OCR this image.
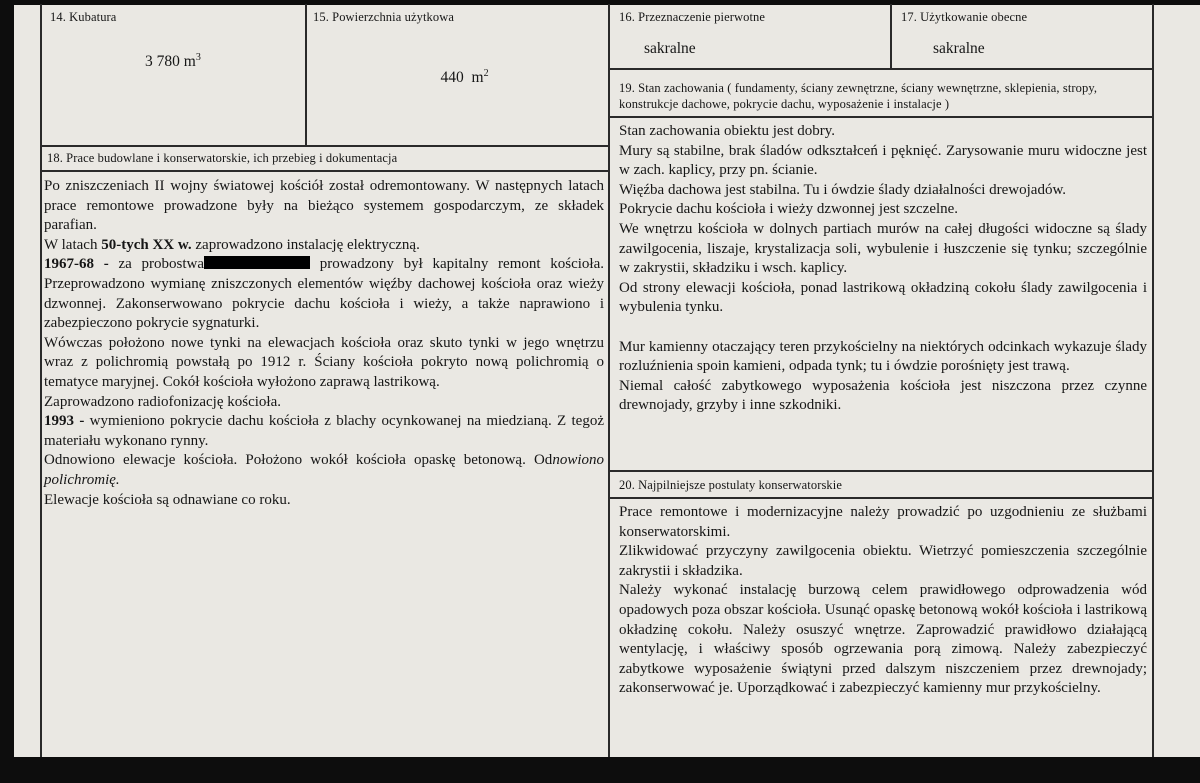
14. Kubatura
3 780 $m^3$
15. Powierzchnia użytkowa

440  $m^2$

16. Przeznaczenie pierwotne
sakralne
17. Użytkowanie obecne
sakralne
18. Prace budowlane i konserwatorskie, ich przebieg i dokumentacja

Po zniszczeniach II wojny światowej kościół został odremontowany. W następnych latach prace remontowe prowadzone były na bieżąco systemem gospodarczym, ze składek parafian.

W latach 50-tych XX w. zaprowadzono instalację elektryczną.

1967-68 - za probostwa	prowadzony był kapitalny remont kościoła. Przeprowadzono wymianę zniszczonych elementów więźby dachowej kościoła oraz wieży dzwonnej. Zakonserwowano pokrycie dachu kościoła i wieży, a także naprawiono i zabezpieczono pokrycie sygnaturki.

Wówczas położono nowe tynki na elewacjach kościoła oraz skuto tynki w jego wnętrzu wraz z polichromią powstałą po 1912 r. Ściany kościoła pokryto nową polichromią o tematyce maryjnej. Cokół kościoła wyłożono zaprawą lastrikową.

Zaprowadzono radiofonizację kościoła.

1993 - wymieniono pokrycie dachu kościoła z blachy ocynkowanej na miedzianą. Z tegoż materiału wykonano rynny.

Odnowiono elewacje kościoła. Położono wokół kościoła opaskę betonową. Odnowiono polichromię.

Elewacje kościoła są odnawiane co roku.

19. Stan zachowania ( fundamenty, ściany zewnętrzne, ściany wewnętrzne, sklepienia, stropy, konstrukcje dachowe, pokrycie dachu, wyposażenie i instalacje )

Stan zachowania obiektu jest dobry.

Mury są stabilne, brak śladów odkształceń i pęknięć. Zarysowanie muru widoczne jest w zach. kaplicy, przy pn. ścianie.

Więźba dachowa jest stabilna. Tu i ówdzie ślady działalności drewojadów.

Pokrycie dachu kościoła i wieży dzwonnej jest szczelne.

We wnętrzu kościoła w dolnych partiach murów na całej długości widoczne są ślady zawilgocenia, liszaje, krystalizacja soli, wybulenie i łuszczenie się tynku; szczególnie w zakrystii, składziku i wsch. kaplicy.

Od strony elewacji kościoła, ponad lastrikową okładziną cokołu ślady zawilgocenia i wybulenia tynku.

Mur kamienny otaczający teren przykościelny na niektórych odcinkach wykazuje ślady rozluźnienia spoin kamieni, odpada tynk; tu i ówdzie porośnięty jest trawą.

Niemal całość zabytkowego wyposażenia kościoła jest niszczona przez czynne drewnojady, grzyby i inne szkodniki.

20. Najpilniejsze postulaty konserwatorskie

Prace remontowe i modernizacyjne należy prowadzić po uzgodnieniu ze służbami konserwatorskimi.

Zlikwidować przyczyny zawilgocenia obiektu. Wietrzyć pomieszczenia szczególnie zakrystii i składzika.

Należy wykonać instalację burzową celem prawidłowego odprowadzenia wód opadowych poza obszar kościoła. Usunąć opaskę betonową wokół kościoła i lastrikową okładzinę cokołu. Należy osuszyć wnętrze. Zaprowadzić prawidłowo działającą wentylację, i właściwy sposób ogrzewania porą zimową. Należy zabezpieczyć zabytkowe wyposażenie świątyni przed dalszym niszczeniem przez drewnojady; zakonserwować je. Uporządkować i zabezpieczyć kamienny mur przykościelny.
